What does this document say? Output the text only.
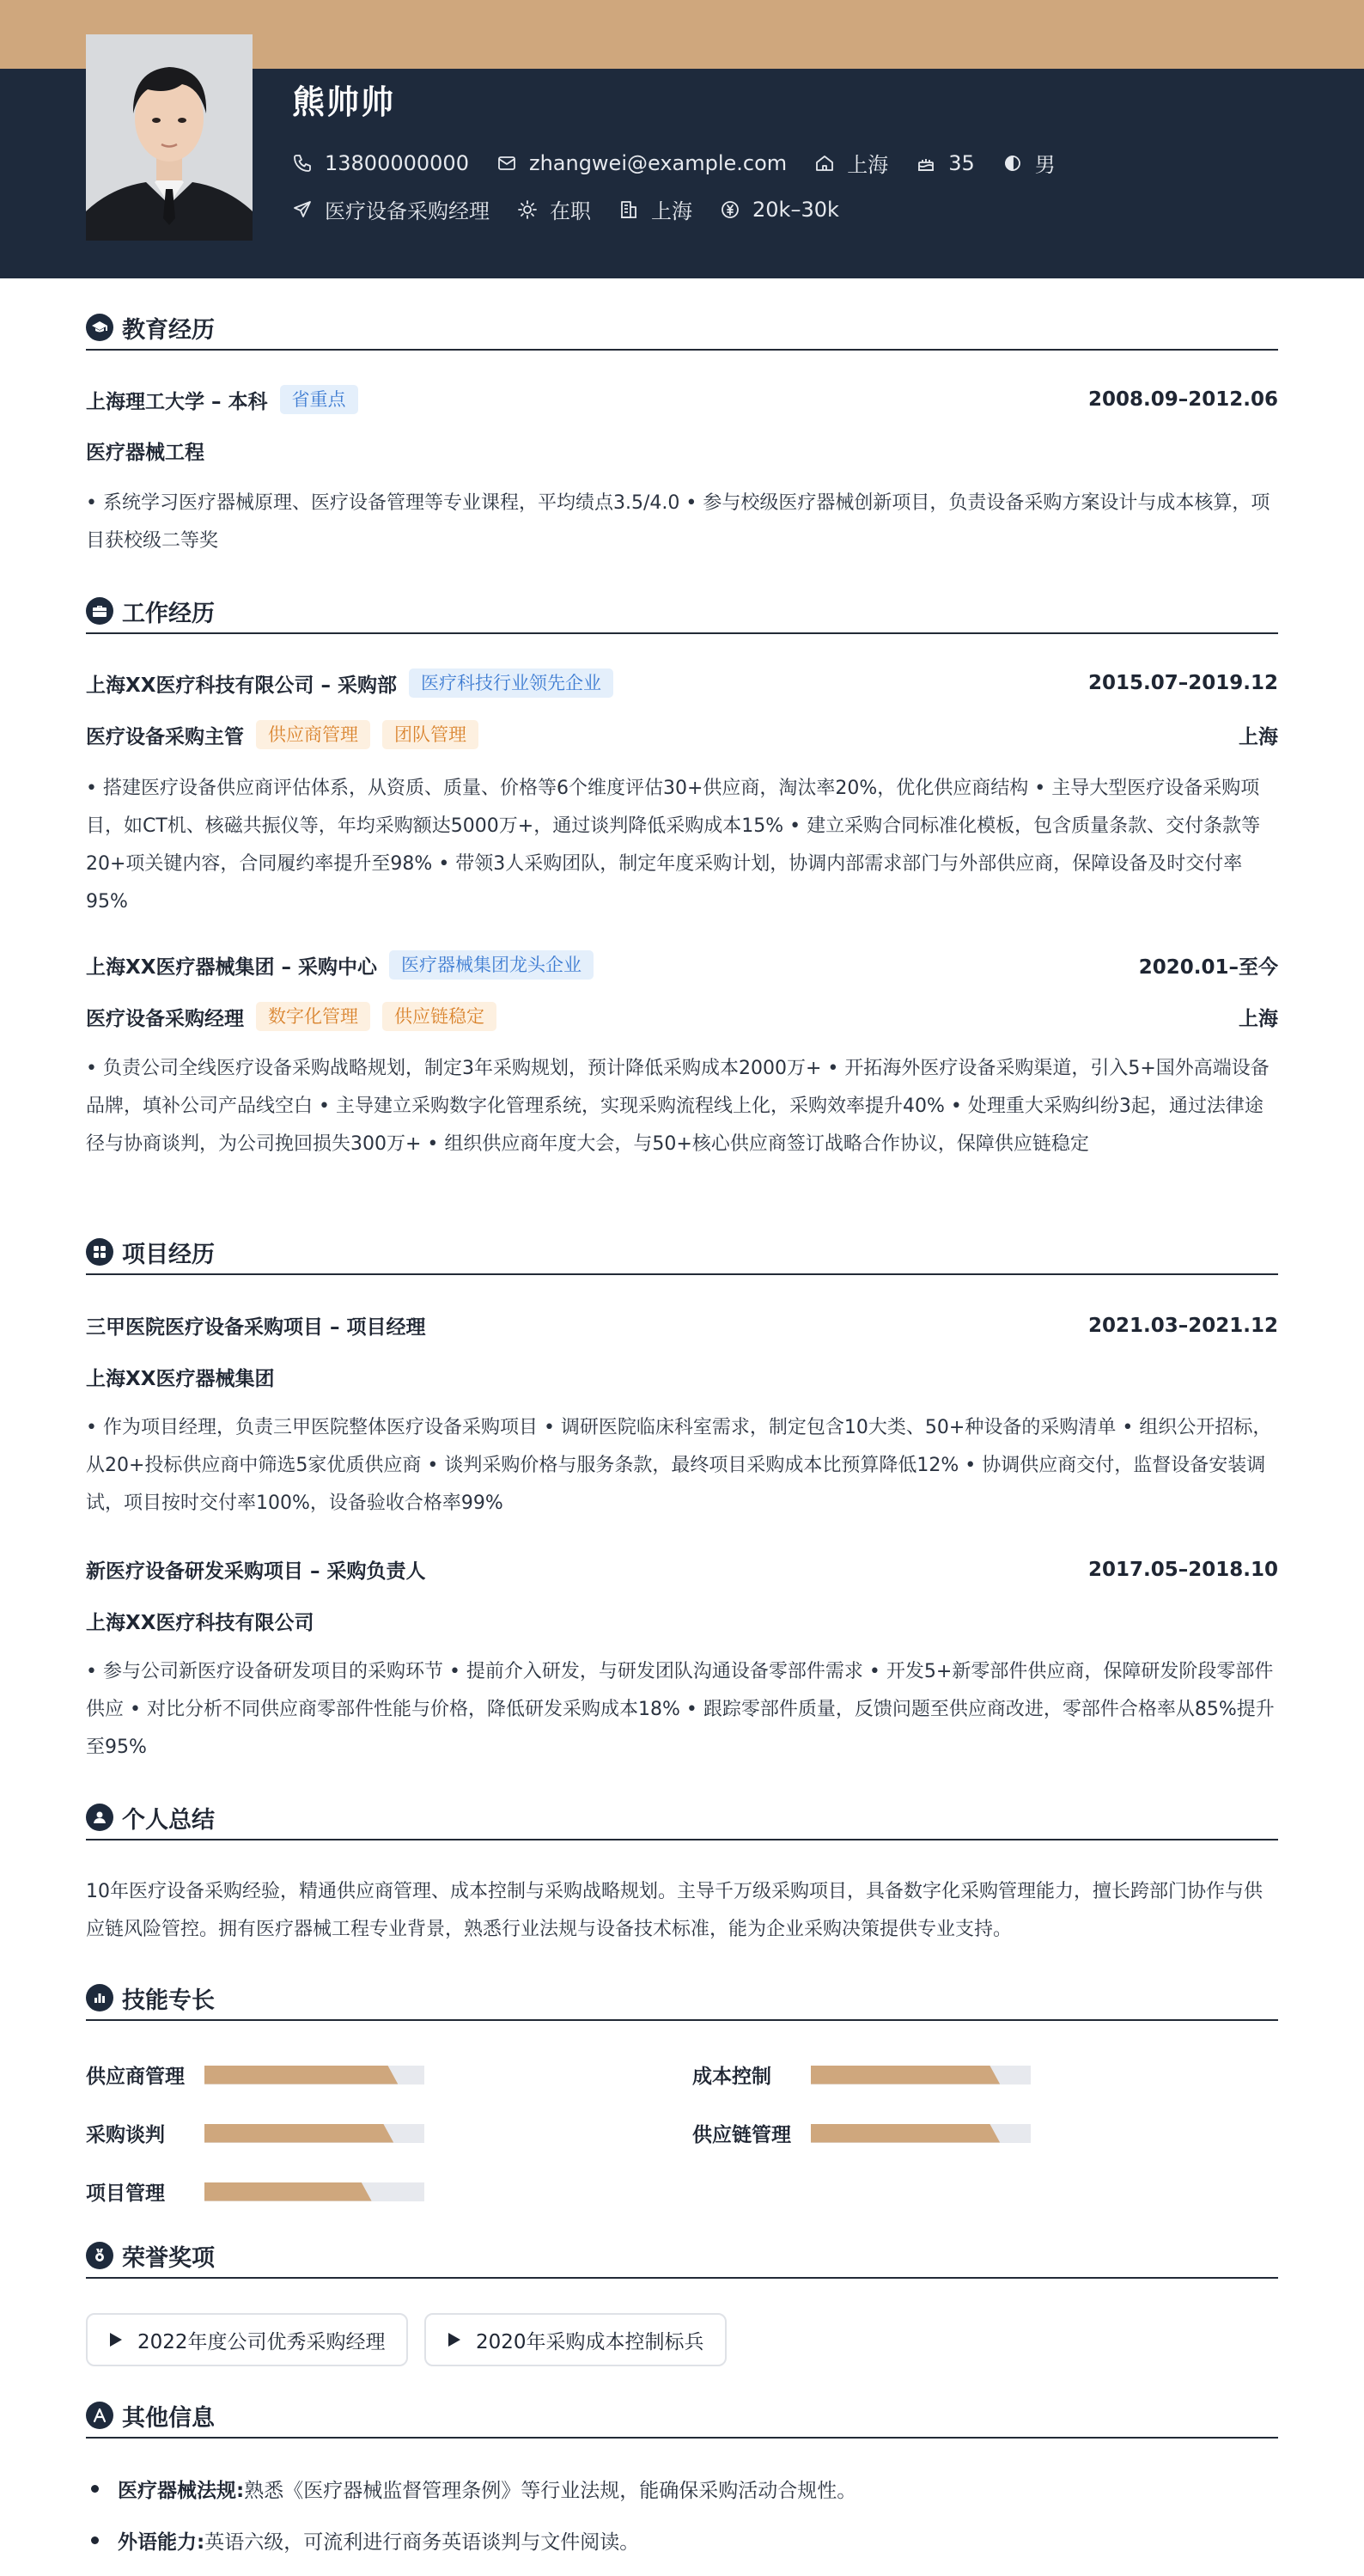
熊帅帅
13800000000	zhangwei@example.com	上海	35	男
医疗设备采购经理	在职	上海	20k–30k
教育经历
上海理工大学 – 本科	省重点	2008.09–2012.06
医疗器械工程
• 系统学习医疗器械原理、医疗设备管理等专业课程，平均绩点3.5/4.0 • 参与校级医疗器械创新项目，负责设备采购方案设计与成本核算，项目获校级二等奖
工作经历
上海XX医疗科技有限公司 – 采购部	医疗科技行业领先企业	2015.07–2019.12
医疗设备采购主管	供应商管理	团队管理	上海
• 搭建医疗设备供应商评估体系，从资质、质量、价格等6个维度评估30+供应商，淘汰率20%，优化供应商结构 • 主导大型医疗设备采购项目，如CT机、核磁共振仪等，年均采购额达5000万+，通过谈判降低采购成本15% • 建立采购合同标准化模板，包含质量条款、交付条款等20+项关键内容，合同履约率提升至98% • 带领3人采购团队，制定年度采购计划，协调内部需求部门与外部供应商，保障设备及时交付率95%
上海XX医疗器械集团 – 采购中心	医疗器械集团龙头企业	2020.01–至今
医疗设备采购经理	数字化管理	供应链稳定	上海
• 负责公司全线医疗设备采购战略规划，制定3年采购规划，预计降低采购成本2000万+ • 开拓海外医疗设备采购渠道，引入5+国外高端设备品牌，填补公司产品线空白 • 主导建立采购数字化管理系统，实现采购流程线上化，采购效率提升40% • 处理重大采购纠纷3起，通过法律途径与协商谈判，为公司挽回损失300万+ • 组织供应商年度大会，与50+核心供应商签订战略合作协议，保障供应链稳定
项目经历
三甲医院医疗设备采购项目 – 项目经理	2021.03–2021.12
上海XX医疗器械集团
• 作为项目经理，负责三甲医院整体医疗设备采购项目 • 调研医院临床科室需求，制定包含10大类、50+种设备的采购清单 • 组织公开招标，从20+投标供应商中筛选5家优质供应商 • 谈判采购价格与服务条款，最终项目采购成本比预算降低12% • 协调供应商交付，监督设备安装调试，项目按时交付率100%，设备验收合格率99%
新医疗设备研发采购项目 – 采购负责人	2017.05–2018.10
上海XX医疗科技有限公司
• 参与公司新医疗设备研发项目的采购环节 • 提前介入研发，与研发团队沟通设备零部件需求 • 开发5+新零部件供应商，保障研发阶段零部件供应 • 对比分析不同供应商零部件性能与价格，降低研发采购成本18% • 跟踪零部件质量，反馈问题至供应商改进，零部件合格率从85%提升至95%
个人总结
10年医疗设备采购经验，精通供应商管理、成本控制与采购战略规划。主导千万级采购项目，具备数字化采购管理能力，擅长跨部门协作与供应链风险管控。拥有医疗器械工程专业背景，熟悉行业法规与设备技术标准，能为企业采购决策提供专业支持。
技能专长
供应商管理	成本控制
采购谈判	供应链管理
项目管理
荣誉奖项
2022年度公司优秀采购经理	2020年采购成本控制标兵
其他信息
医疗器械法规: 熟悉《医疗器械监督管理条例》等行业法规，能确保采购活动合规性。
外语能力: 英语六级，可流利进行商务英语谈判与文件阅读。
